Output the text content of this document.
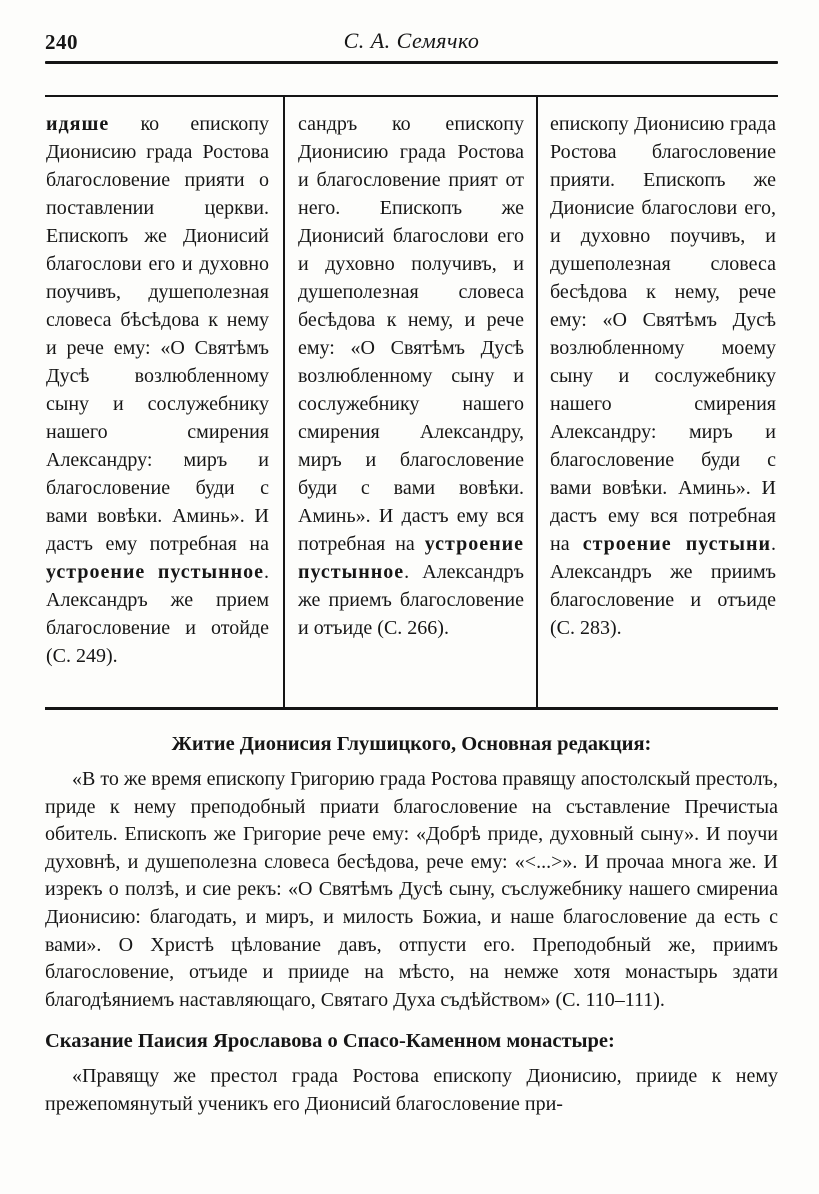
240	С. А. Семячко

идяше ко епископу Дионисию града Ростова благословение прияти о поставлении церкви. Епископъ же Дионисий благослови его и духовно поучивъ, душеполезная словеса бѣсѣдова к нему и рече ему: «О Святѣмъ Дусѣ возлюбленному сыну и сослужебнику нашего смирения Александру: миръ и благословение буди с вами вовѣки. Аминь». И дастъ ему потребная на устроение пустынное. Александръ же прием благословение и отойде (С. 249).

сандръ ко епископу Дионисию града Ростова и благословение прият от него. Епископъ же Дионисий благослови его и духовно получивъ, и душеполезная словеса бесѣдова к нему, и рече ему: «О Святѣмъ Дусѣ возлюбленному сыну и сослужебнику нашего смирения Александру, миръ и благословение буди с вами вовѣки. Аминь». И дастъ ему вся потребная на устроение пустынное. Александръ же приемъ благословение и отъиде (С. 266).

епископу Дионисию града Ростова благословение прияти. Епископъ же Дионисие благослови его, и духовно поучивъ, и душеполезная словеса бесѣдова к нему, рече ему: «О Святѣмъ Дусѣ возлюбленному моему сыну и сослужебнику нашего смирения Александру: миръ и благословение буди с вами вовѣки. Аминь». И дастъ ему вся потребная на строение пустыни. Александръ же приимъ благословение и отъиде (С. 283).

Житие Дионисия Глушицкого, Основная редакция:

«В то же время епископу Григорию града Ростова правящу апостолскый престолъ, приде к нему преподобный приати благословение на съставление Пречистыа обитель. Епископъ же Григорие рече ему: «Добрѣ приде, духовный сыну». И поучи духовнѣ, и душеполезна словеса бесѣдова, рече ему: «<...>». И прочаа многа же. И изрекъ о ползѣ, и сие рекъ: «О Святѣмъ Дусѣ сыну, съслужебнику нашего смирениа Дионисию: благодать, и миръ, и милость Божиа, и наше благословение да есть с вами». О Христѣ цѣлование давъ, отпусти его. Преподобный же, приимъ благословение, отъиде и прииде на мѣсто, на немже хотя монастырь здати благодѣяниемъ наставляющаго, Святаго Духа съдѣйством» (С. 110–111).

Сказание Паисия Ярославова о Спасо-Каменном монастыре:

«Правящу же престол града Ростова епископу Дионисию, прииде к нему прежепомянутый ученикъ его Дионисий благословение при-
